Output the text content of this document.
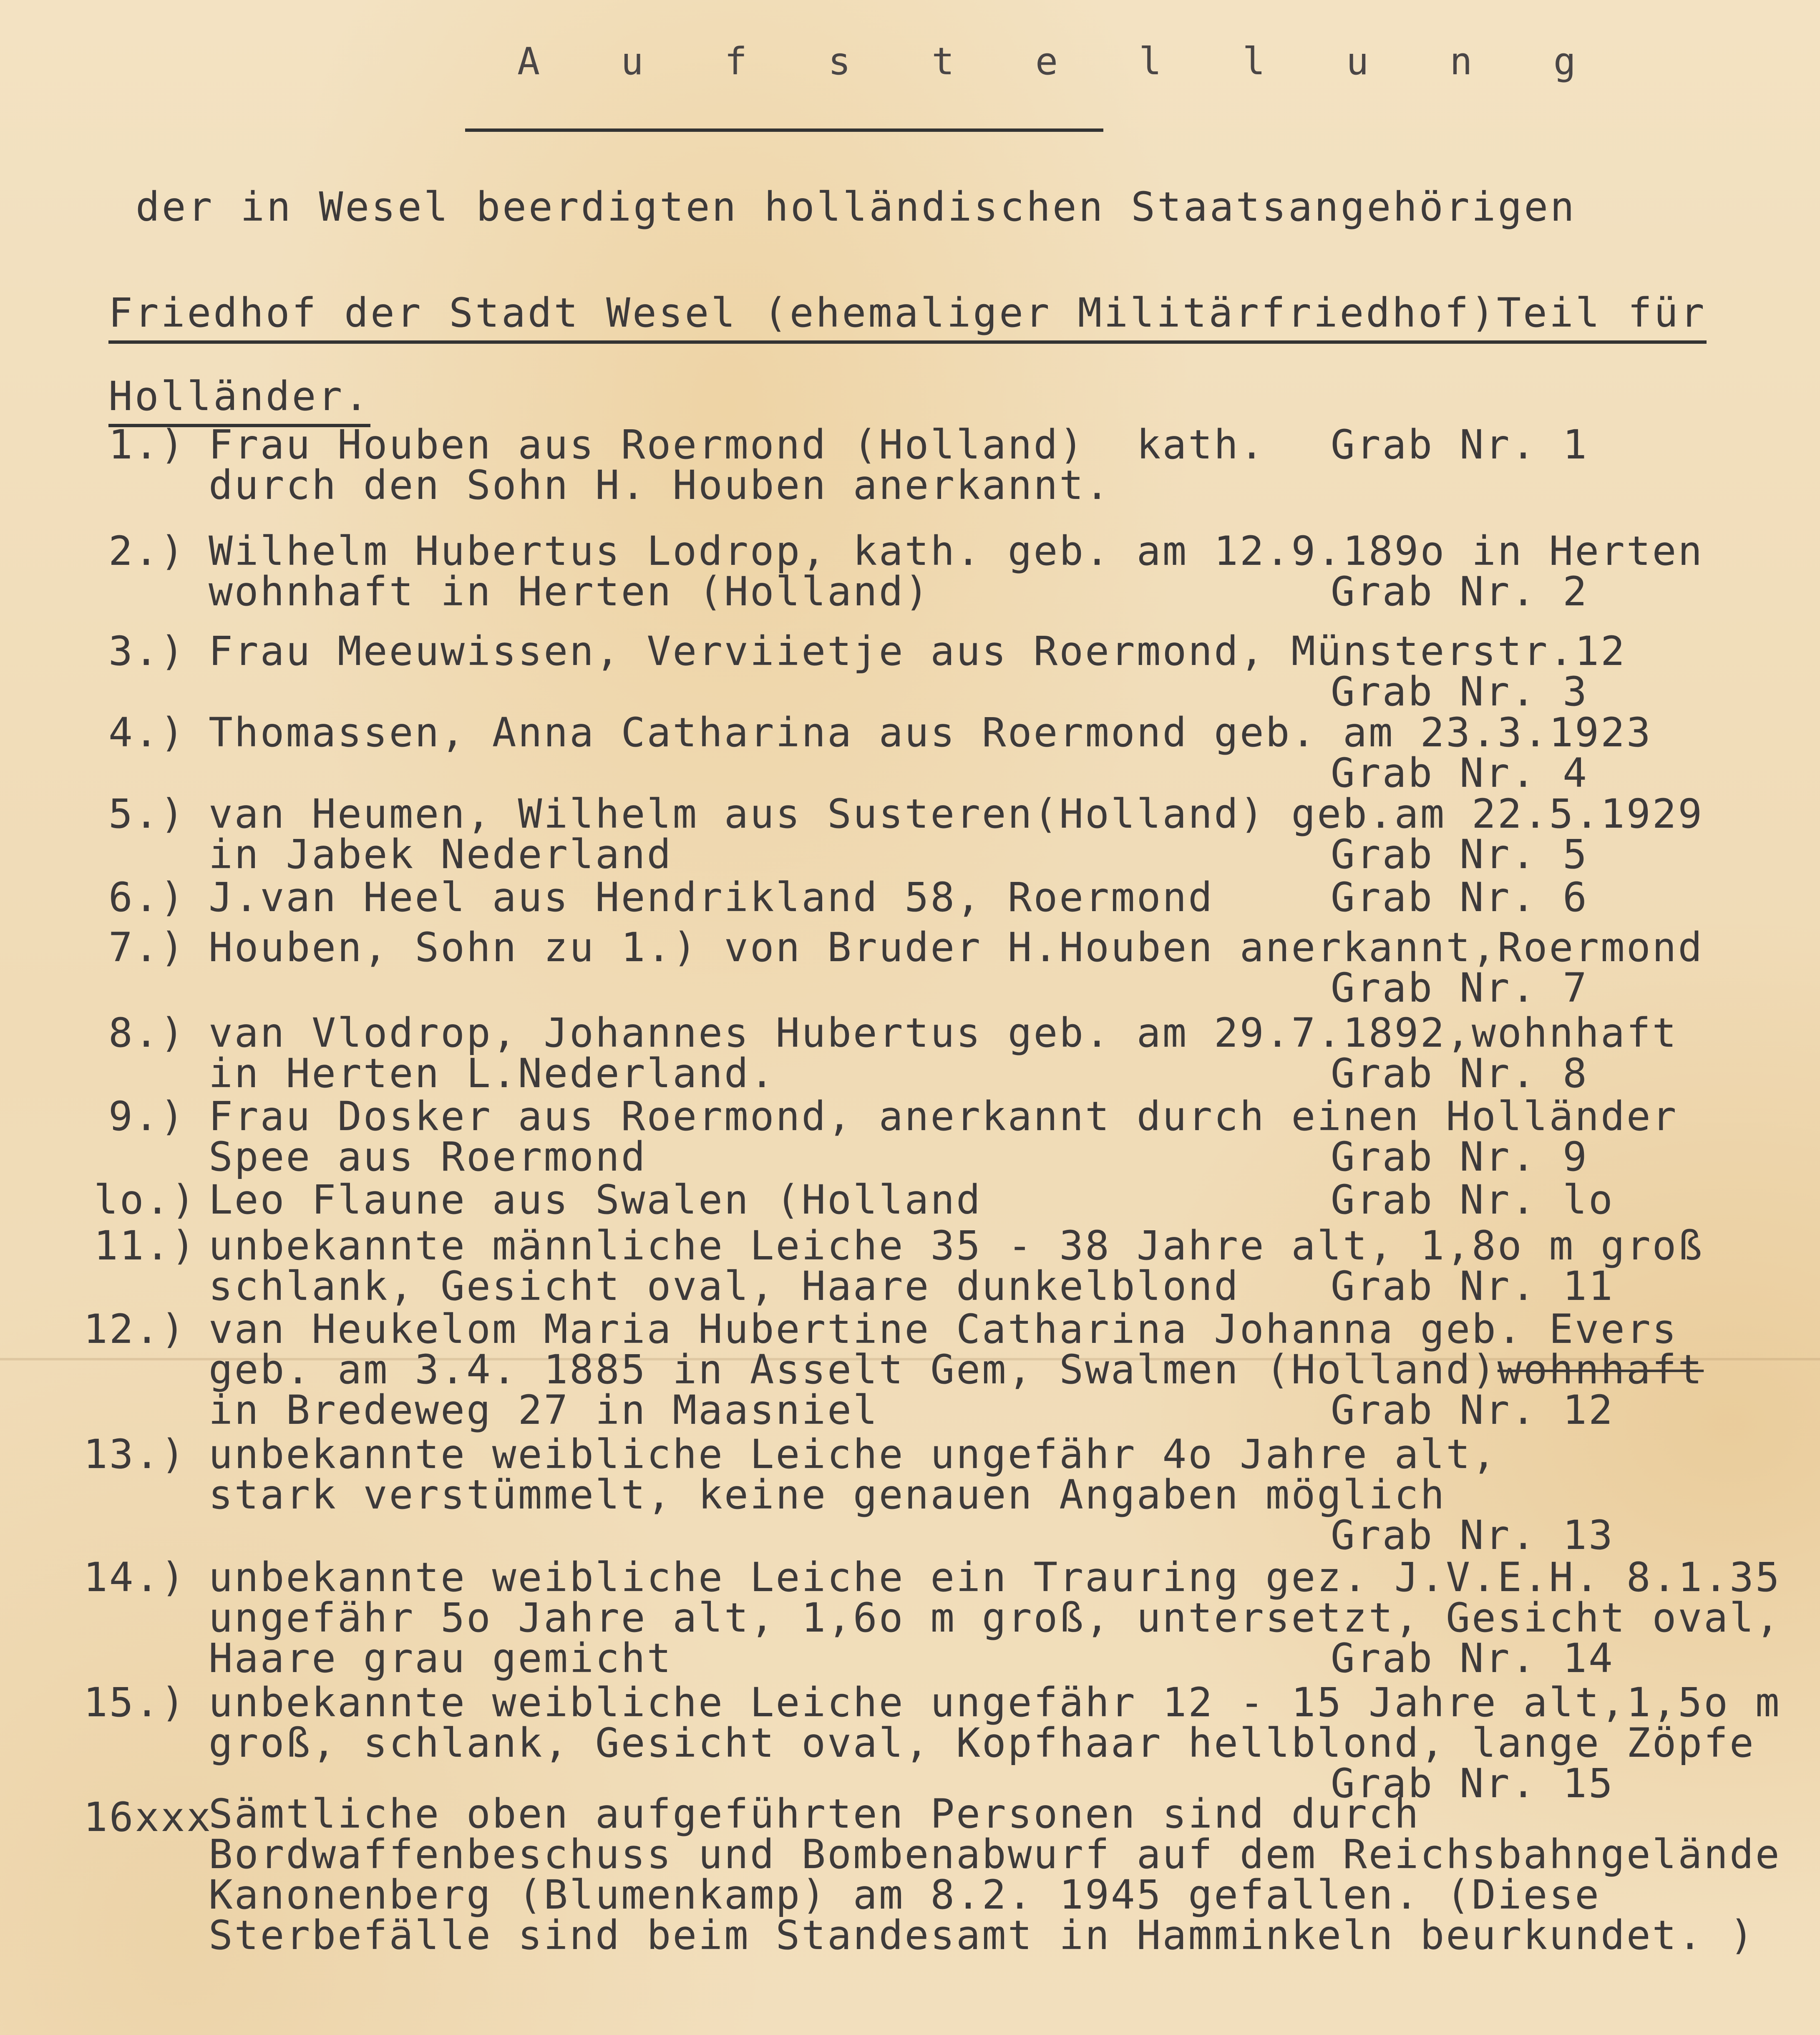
A u f s t e l l u n g
der in Wesel beerdigten holländischen Staatsangehörigen
Friedhof der Stadt Wesel (ehemaliger Militärfriedhof)Teil für Holländer.
1.) Frau Houben aus Roermond (Holland)  kath.
durch den Sohn H. Houben anerkannt.
Grab Nr. 1
2.) Wilhelm Hubertus Lodrop, kath. geb. am 12.9.189o in Herten
wohnhaft in Herten (Holland)	Grab Nr. 2
3.) Frau Meeuwissen, Verviietje aus Roermond, Münsterstr.12
Grab Nr. 3
4.) Thomassen, Anna Catharina aus Roermond geb. am 23.3.1923
Grab Nr. 4
5.) van Heumen, Wilhelm aus Susteren(Holland) geb.am 22.5.1929
in Jabek Nederland	Grab Nr. 5
6.) J.van Heel aus Hendrikland 58, Roermond	Grab Nr. 6
7.) Houben, Sohn zu 1.) von Bruder H.Houben anerkannt,Roermond
Grab Nr. 7
8.) van Vlodrop, Johannes Hubertus geb. am 29.7.1892,wohnhaft
in Herten L.Nederland.	Grab Nr. 8
9.) Frau Dosker aus Roermond, anerkannt durch einen Holländer
Spee aus Roermond	Grab Nr. 9
lo.) Leo Flaune aus Swalen (Holland	Grab Nr. lo
11.) unbekannte männliche Leiche 35 - 38 Jahre alt, 1,8o m groß
schlank, Gesicht oval, Haare dunkelblond Grab Nr. 11
12.) van Heukelom Maria Hubertine Catharina Johanna geb. Evers
geb. am 3.4. 1885 in Asselt Gem, Swalmen (Holland)wohnhaft
in Bredeweg 27 in Maasniel	Grab Nr. 12
13.) unbekannte weibliche Leiche ungefähr 4o Jahre alt,
stark verstümmelt, keine genauen Angaben möglich
Grab Nr. 13
14.) unbekannte weibliche Leiche ein Trauring gez. J.V.E.H. 8.1.35
ungefähr 5o Jahre alt, 1,6o m groß, untersetzt, Gesicht oval,
Haare grau gemicht	Grab Nr. 14
15.) unbekannte weibliche Leiche ungefähr 12 - 15 Jahre alt,1,5o m
groß, schlank, Gesicht oval, Kopfhaar hellblond, lange Zöpfe
Grab Nr. 15
16xxx
Sämtliche oben aufgeführten Personen sind durch Bordwaffenbeschuss und Bombenabwurf auf dem Reichsbahngelände Kanonenberg (Blumenkamp) am 8.2. 1945 gefallen. (Diese Sterbefälle sind beim Standesamt in Hamminkeln beurkundet. )
